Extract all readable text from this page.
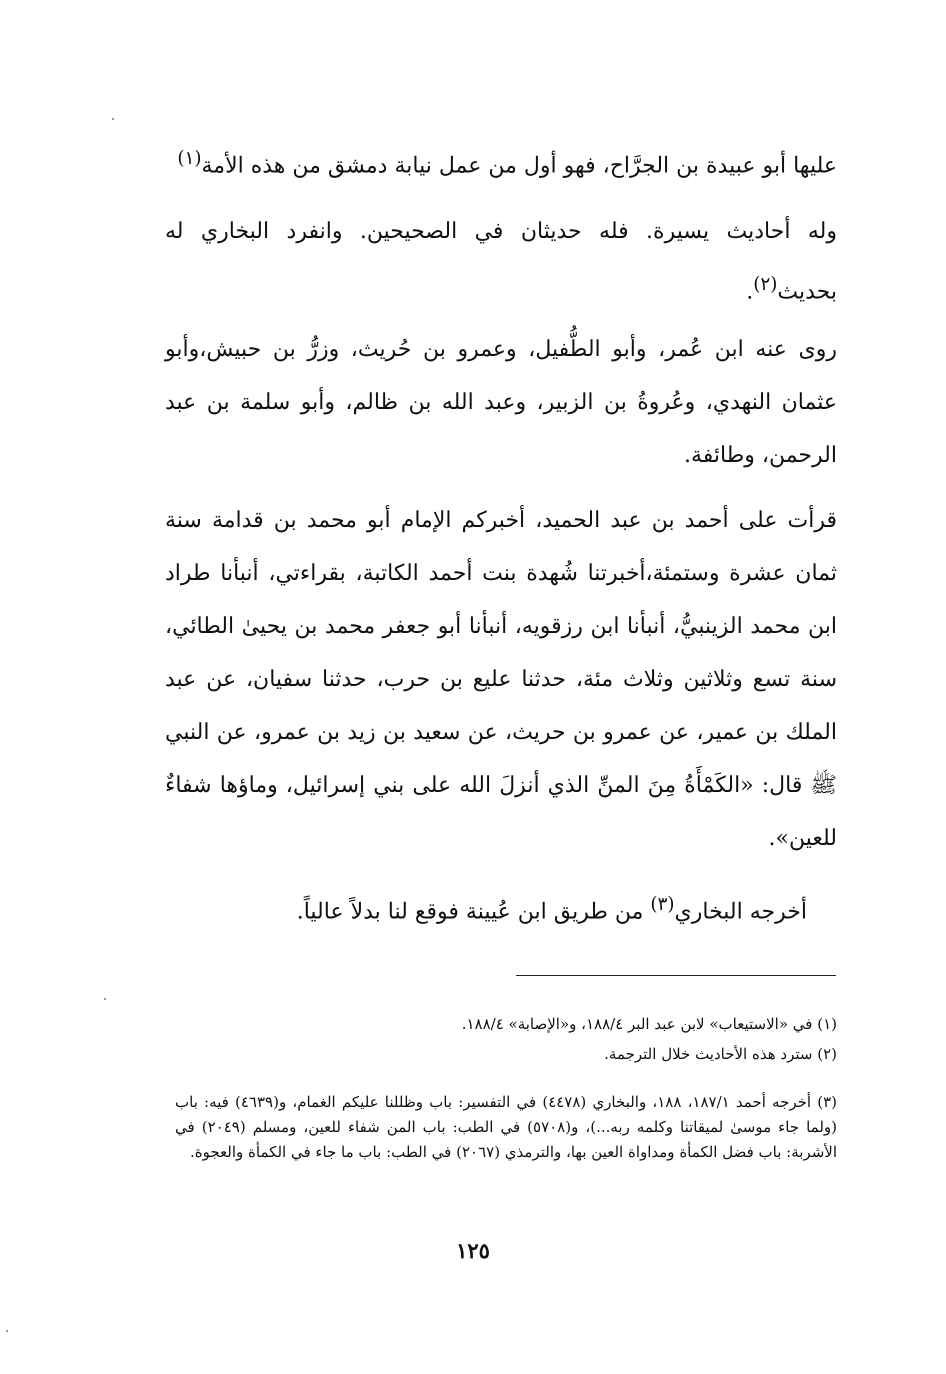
عليها أبو عبيدة بن الجرَّاح، فهو أول من عمل نيابة دمشق من هذه الأمة$^{(١)}$

وله أحاديث يسيرة. فله حديثان في الصحيحين. وانفرد البخاري له بحديث$^{(٢)}$.

روى عنه ابن عُمر، وأبو الطُّفيل، وعمرو بن حُريث، وزرُّ بن حبيش،وأبو عثمان النهدي، وعُروةُ بن الزبير، وعبد الله بن ظالم، وأبو سلمة بن عبد الرحمن، وطائفة.

قرأت على أحمد بن عبد الحميد، أخبركم الإمام أبو محمد بن قدامة سنة ثمان عشرة وستمئة،أخبرتنا شُهدة بنت أحمد الكاتبة، بقراءتي، أنبأنا طراد ابن محمد الزينبيُّ، أنبأنا ابن رزقويه، أنبأنا أبو جعفر محمد بن يحيىٰ الطائي، سنة تسع وثلاثين وثلاث مئة، حدثنا عليع بن حرب، حدثنا سفيان، عن عبد الملك بن عمير، عن عمرو بن حريث، عن سعيد بن زيد بن عمرو، عن النبي ﷺ قال: «الكَمْأَةُ مِنَ المنِّ الذي أنزلَ الله على بني إسرائيل، وماؤها شفاءٌ للعين».

أخرجه البخاري$^{(٣)}$ من طريق ابن عُيينة فوقع لنا بدلاً عالياً.

(١) في «الاستيعاب» لابن عبد البر ١٨٨/٤، و«الإصابة» ١٨٨/٤.

(٢) سترد هذه الأحاديث خلال الترجمة.

(٣) أخرجه أحمد ١٨٧/١، ١٨٨، والبخاري (٤٤٧٨) في التفسير: باب وظللنا عليكم الغمام، و(٤٦٣٩) فيه: باب (ولما جاء موسىٰ لميقاتنا وكلمه ربه...)، و(٥٧٠٨) في الطب: باب المن شفاء للعين، ومسلم (٢٠٤٩) في الأشربة: باب فضل الكمأة ومداواة العين بها، والترمذي (٢٠٦٧) في الطب: باب ما جاء في الكمأة والعجوة.

١٢٥
